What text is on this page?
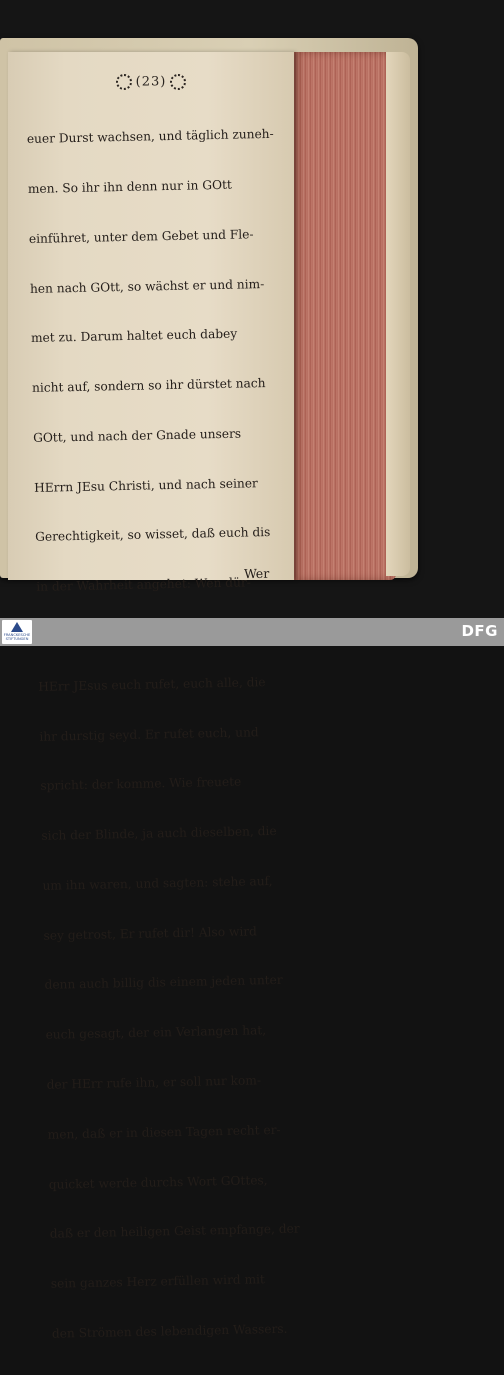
(23)

euer Durst wachsen, und täglich zuneh-

men. So ihr ihn denn nur in GOtt

einführet, unter dem Gebet und Fle-

hen nach GOtt, so wächst er und nim-

met zu. Darum haltet euch dabey

nicht auf, sondern so ihr dürstet nach

GOtt, und nach der Gnade unsers

HErrn JEsu Christi, und nach seiner

Gerechtigkeit, so wisset, daß euch dis

in der Wahrheit angehet: Wen dür-

HErr JEsus euch rufet, euch alle, die

ihr durstig seyd. Er rufet euch, und

spricht: der komme. Wie freuete

sich der Blinde, ja auch dieselben, die

um ihn waren, und sagten: stehe auf,

sey getrost, Er rufet dir! Also wird

denn auch billig dis einem jeden unter

euch gesagt, der ein Verlangen hat,

der HErr rufe ihn, er soll nur kom-

men, daß er in diesen Tagen recht er-

quicket werde durchs Wort GOttes,

daß er den heiligen Geist empfange, der

sein ganzes Herz erfüllen wird mit

den Strömen des lebendigen Wassers.

Wer
FRANCKESCHE STIFTUNGEN	DFG
